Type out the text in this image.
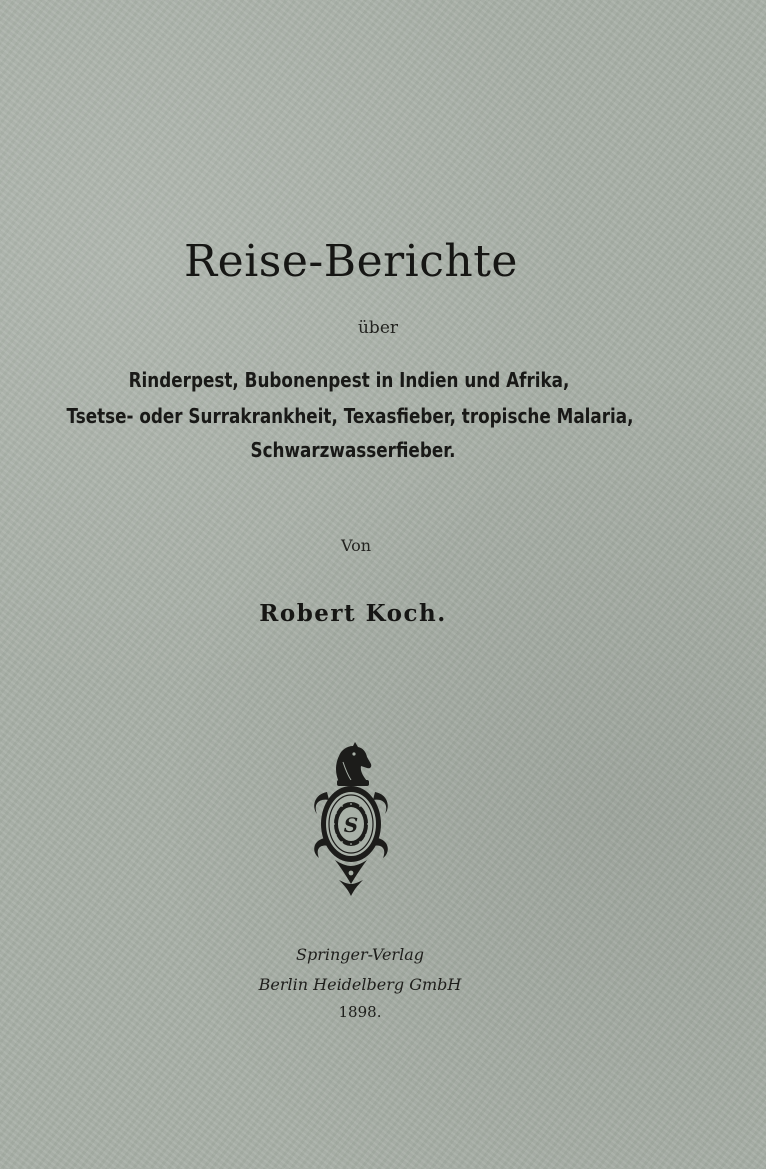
Reise-Berichte
über
Rinderpest, Bubonenpest in Indien und Afrika,
Tsetse- oder Surrakrankheit, Texasfieber, tropische Malaria,
Schwarzwasserfieber.
Von
Robert Koch.
S
Springer-Verlag
Berlin Heidelberg GmbH
1898.
